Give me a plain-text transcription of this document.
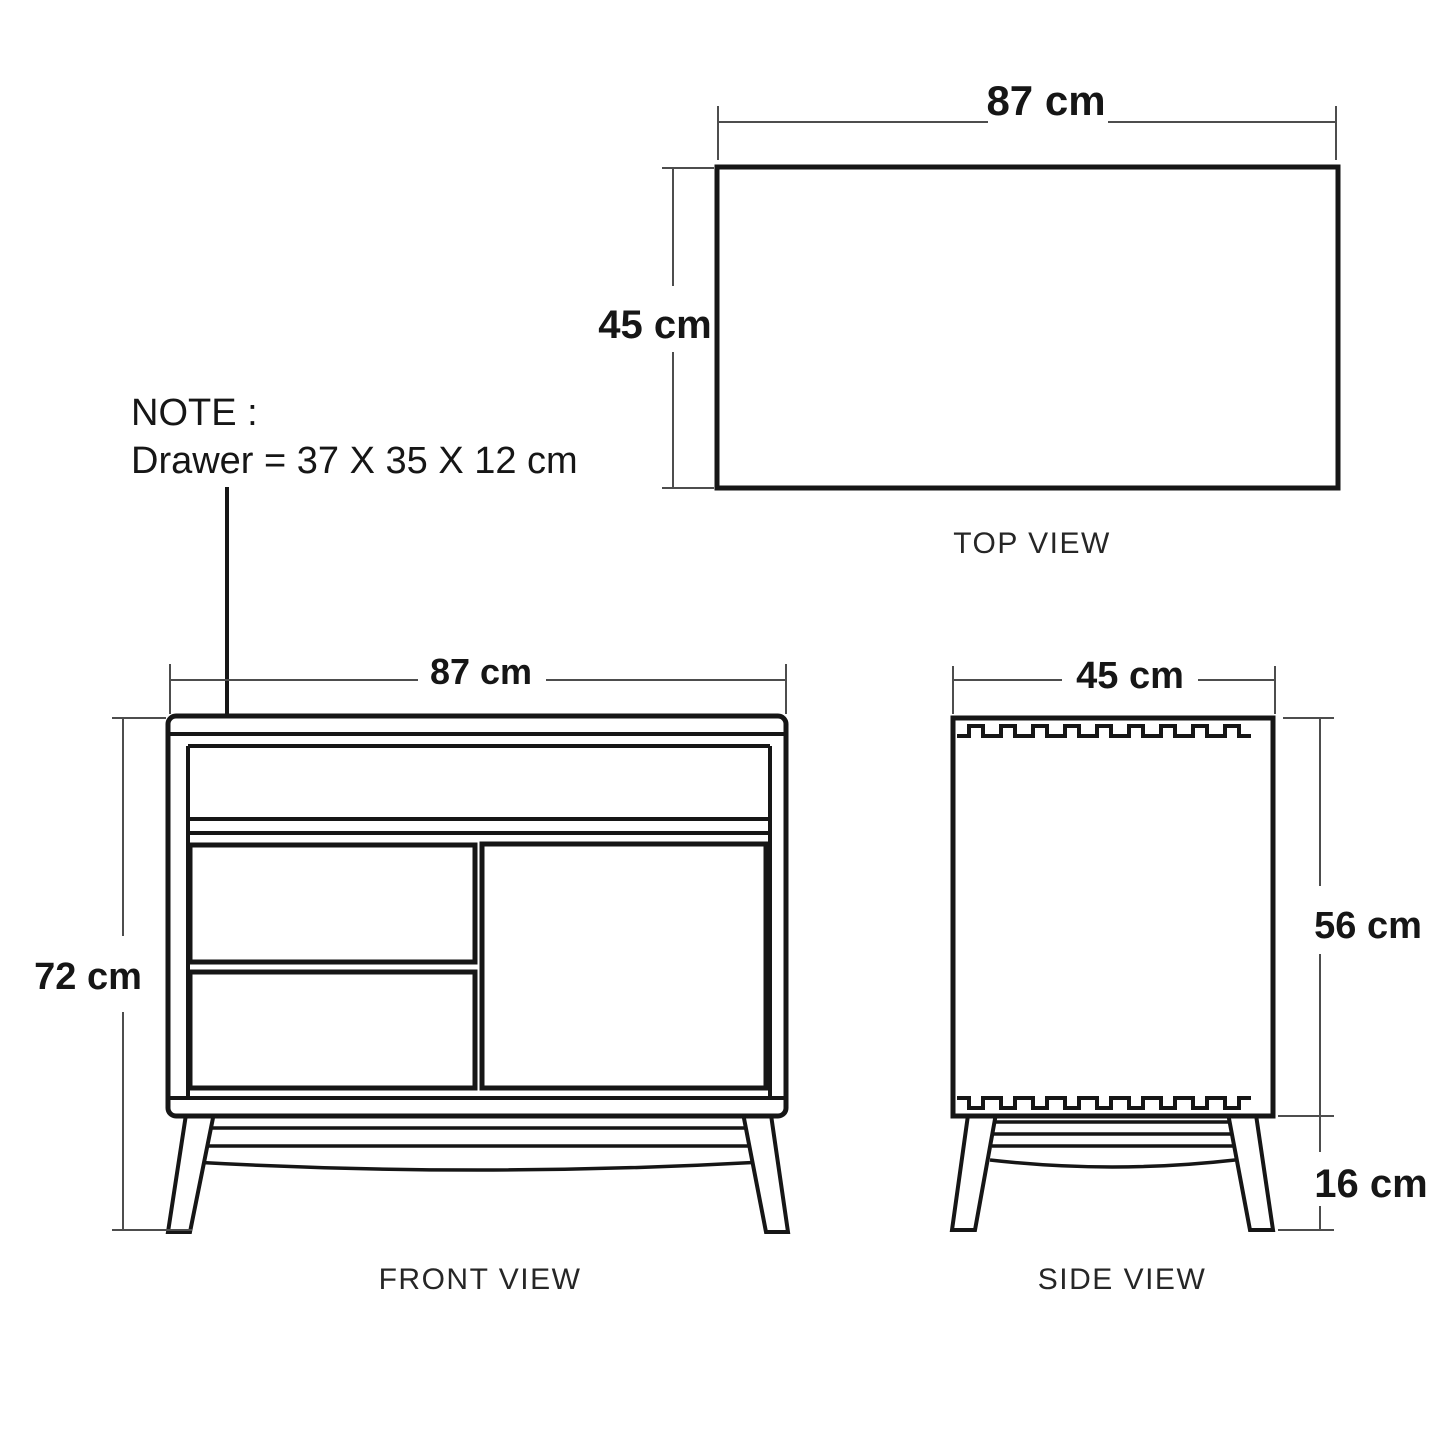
87 cm
45 cm
TOP VIEW
NOTE :
Drawer = 37 X 35 X 12 cm
87 cm
72 cm
FRONT VIEW
45 cm
56 cm
16 cm
SIDE VIEW
